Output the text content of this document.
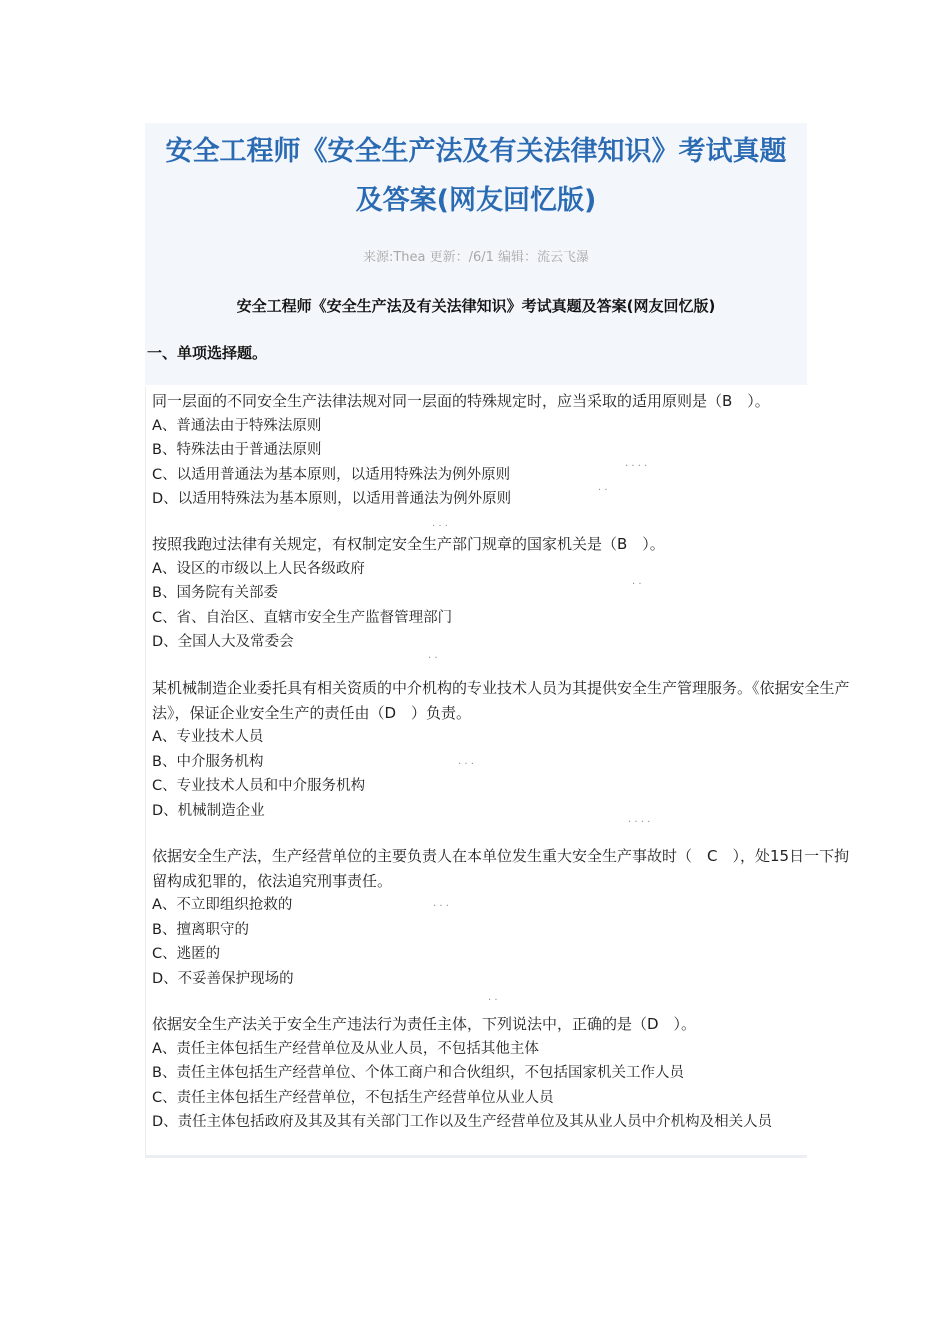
安全工程师《安全生产法及有关法律知识》考试真题
及答案(网友回忆版)
来源:Thea 更新：/6/1 编辑：流云飞瀑
安全工程师《安全生产法及有关法律知识》考试真题及答案(网友回忆版)
一、单项选择题。
同一层面的不同安全生产法律法规对同一层面的特殊规定时，应当采取的适用原则是（B　）。
A、普通法由于特殊法原则
B、特殊法由于普通法原则
C、以适用普通法为基本原则，以适用特殊法为例外原则
D、以适用特殊法为基本原则，以适用普通法为例外原则
按照我跑过法律有关规定，有权制定安全生产部门规章的国家机关是（B　）。
A、设区的市级以上人民各级政府
B、国务院有关部委
C、省、自治区、直辖市安全生产监督管理部门
D、全国人大及常委会
某机械制造企业委托具有相关资质的中介机构的专业技术人员为其提供安全生产管理服务。《依据安全生产法》，保证企业安全生产的责任由（D　）负责。
A、专业技术人员
B、中介服务机构
C、专业技术人员和中介服务机构
D、机械制造企业
依据安全生产法，生产经营单位的主要负责人在本单位发生重大安全生产事故时（　C　），处15日一下拘留构成犯罪的，依法追究刑事责任。
A、不立即组织抢救的
B、擅离职守的
C、逃匿的
D、不妥善保护现场的
依据安全生产法关于安全生产违法行为责任主体，下列说法中，正确的是（D　）。
A、责任主体包括生产经营单位及从业人员，不包括其他主体
B、责任主体包括生产经营单位、个体工商户和合伙组织，不包括国家机关工作人员
C、责任主体包括生产经营单位，不包括生产经营单位从业人员
D、责任主体包括政府及其及其有关部门工作以及生产经营单位及其从业人员中介机构及相关人员
· · · ·
· ·
· · ·
· ·
· ·
· · ·
· · · ·
· · ·
· ·
